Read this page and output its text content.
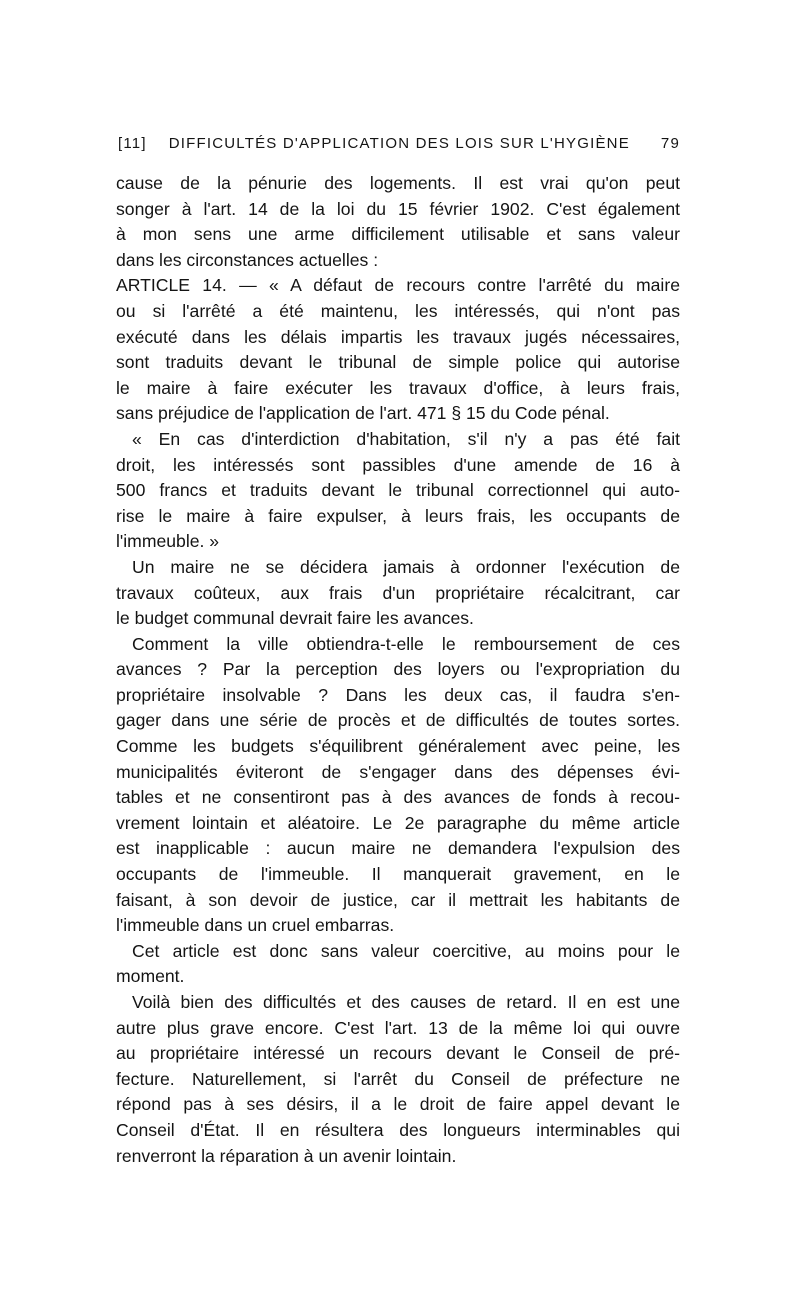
[11]	DIFFICULTÉS D'APPLICATION DES LOIS SUR L'HYGIÈNE	79
cause de la pénurie des logements. Il est vrai qu'on peut
songer à l'art. 14 de la loi du 15 février 1902. C'est également
à mon sens une arme difficilement utilisable et sans valeur
dans les circonstances actuelles :
ARTICLE 14. — « A défaut de recours contre l'arrêté du maire
ou si l'arrêté a été maintenu, les intéressés, qui n'ont pas
exécuté dans les délais impartis les travaux jugés nécessaires,
sont traduits devant le tribunal de simple police qui autorise
le maire à faire exécuter les travaux d'office, à leurs frais,
sans préjudice de l'application de l'art. 471 § 15 du Code pénal.
« En cas d'interdiction d'habitation, s'il n'y a pas été fait
droit, les intéressés sont passibles d'une amende de 16 à
500 francs et traduits devant le tribunal correctionnel qui auto-
rise le maire à faire expulser, à leurs frais, les occupants de
l'immeuble. »
Un maire ne se décidera jamais à ordonner l'exécution de
travaux coûteux, aux frais d'un propriétaire récalcitrant, car
le budget communal devrait faire les avances.
Comment la ville obtiendra-t-elle le remboursement de ces
avances ? Par la perception des loyers ou l'expropriation du
propriétaire insolvable ? Dans les deux cas, il faudra s'en-
gager dans une série de procès et de difficultés de toutes sortes.
Comme les budgets s'équilibrent généralement avec peine, les
municipalités éviteront de s'engager dans des dépenses évi-
tables et ne consentiront pas à des avances de fonds à recou-
vrement lointain et aléatoire. Le 2e paragraphe du même article
est inapplicable : aucun maire ne demandera l'expulsion des
occupants de l'immeuble. Il manquerait gravement, en le
faisant, à son devoir de justice, car il mettrait les habitants de
l'immeuble dans un cruel embarras.
Cet article est donc sans valeur coercitive, au moins pour le
moment.
Voilà bien des difficultés et des causes de retard. Il en est une
autre plus grave encore. C'est l'art. 13 de la même loi qui ouvre
au propriétaire intéressé un recours devant le Conseil de pré-
fecture. Naturellement, si l'arrêt du Conseil de préfecture ne
répond pas à ses désirs, il a le droit de faire appel devant le
Conseil d'État. Il en résultera des longueurs interminables qui
renverront la réparation à un avenir lointain.
